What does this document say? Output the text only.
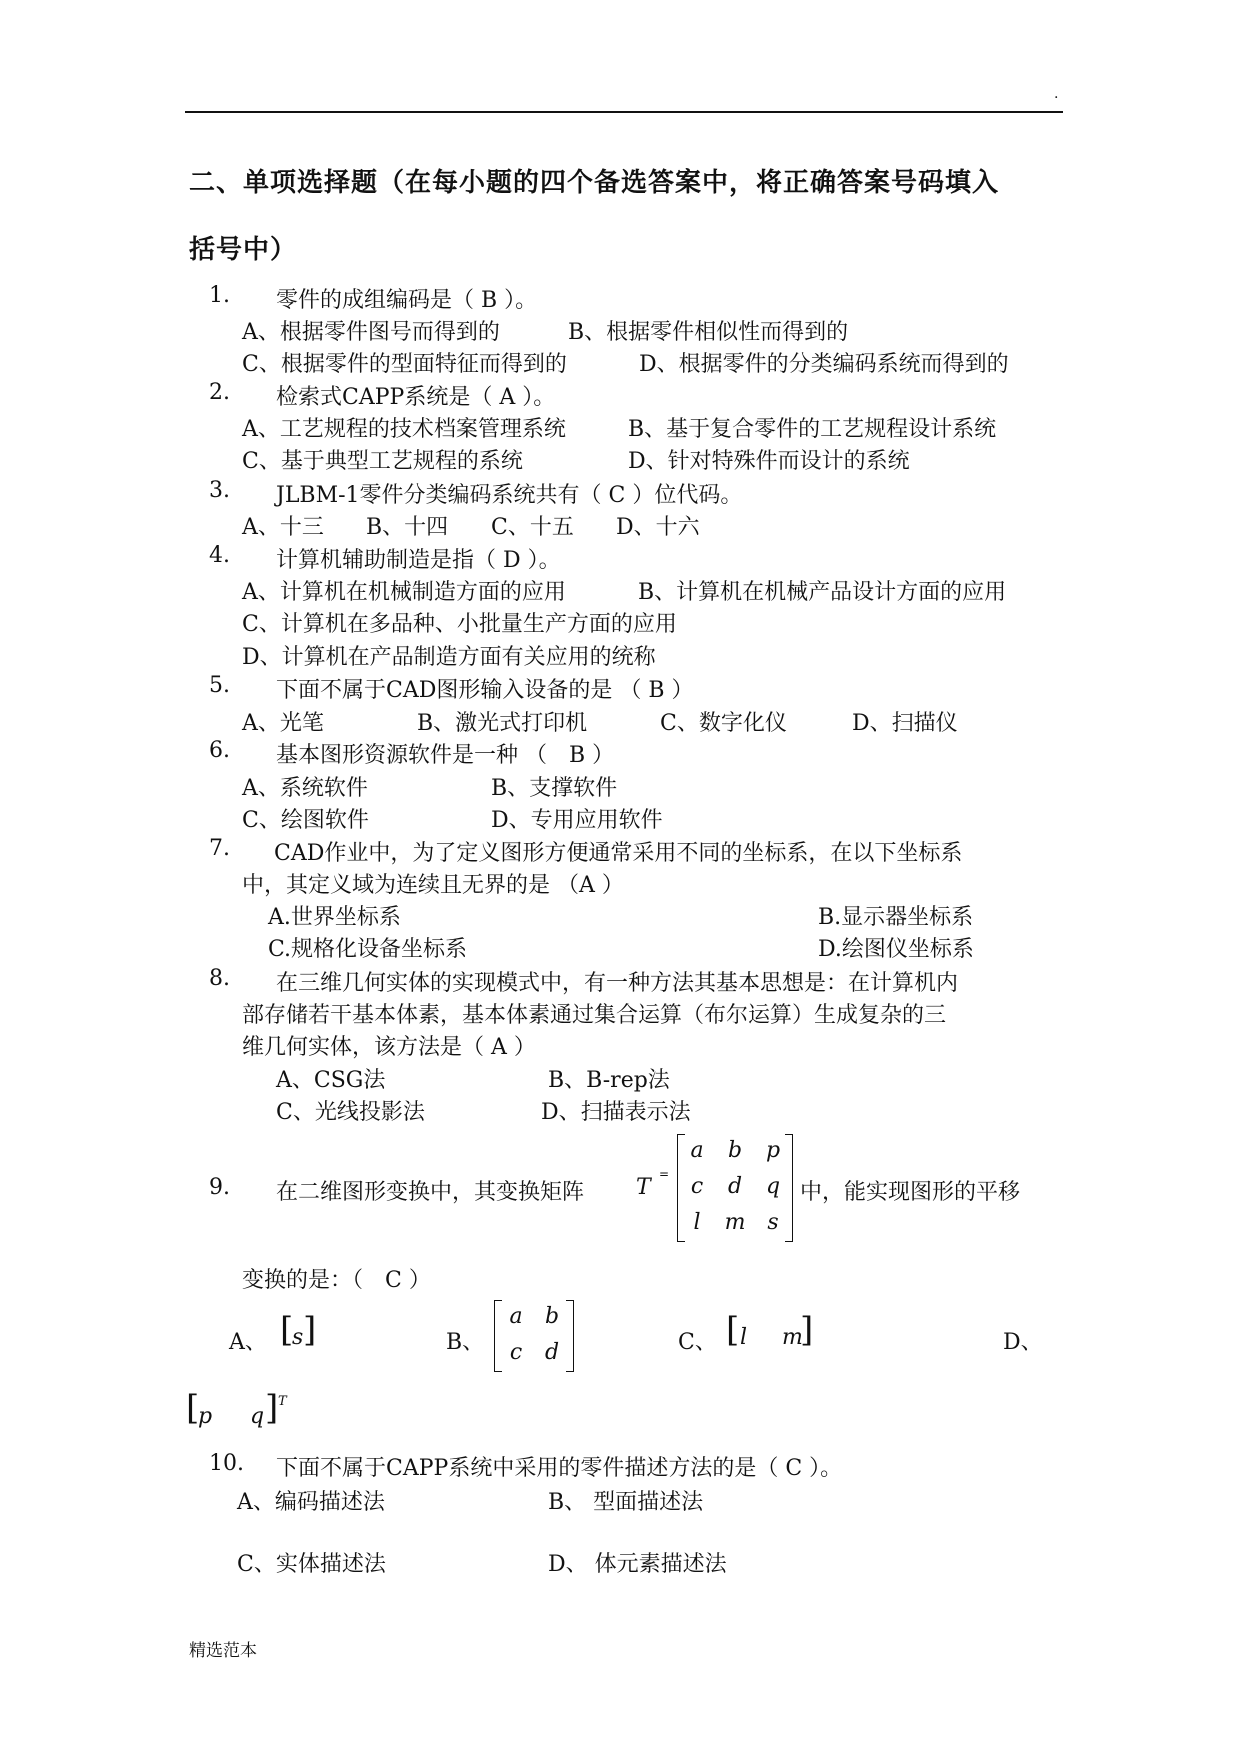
.
二、单项选择题（在每小题的四个备选答案中，将正确答案号码填入
括号中）
1. 零件的成组编码是（ B ）。
A、根据零件图号而得到的	B、根据零件相似性而得到的
C、根据零件的型面特征而得到的	D、根据零件的分类编码系统而得到的
2. 检索式CAPP系统是（ A ）。
A、工艺规程的技术档案管理系统	B、基于复合零件的工艺规程设计系统
C、基于典型工艺规程的系统	D、针对特殊件而设计的系统
3. JLBM-1零件分类编码系统共有（ C ）位代码。
A、十三 B、十四 C、十五 D、十六
4. 计算机辅助制造是指（ D ）。
A、计算机在机械制造方面的应用	B、计算机在机械产品设计方面的应用
C、计算机在多品种、小批量生产方面的应用
D、计算机在产品制造方面有关应用的统称
5. 下面不属于CAD图形输入设备的是 （ B ）
A、光笔	B、激光式打印机	C、数字化仪	D、扫描仪
6. 基本图形资源软件是一种 （　B ）
A、系统软件	B、支撑软件
C、绘图软件	D、专用应用软件
7. CAD作业中，为了定义图形方便通常采用不同的坐标系，在以下坐标系
中，其定义域为连续且无界的是 （A ）
A.世界坐标系	B.显示器坐标系
C.规格化设备坐标系	D.绘图仪坐标系
8. 在三维几何实体的实现模式中，有一种方法其基本思想是：在计算机内
部存储若干基本体素，基本体素通过集合运算（布尔运算）生成复杂的三
维几何实体，该方法是（ A ）
A、CSG法	B、B-rep法
C、光线投影法	D、扫描表示法
9. 在二维图形变换中，其变换矩阵 T
=
a	b	p
c	d	q
l	m s
中，能实现图形的平移
变换的是：（　C ）
A、 [
s ]	B、
a	b
c	d	C、 [ l m
]	D、
[
p q ] T
10. 下面不属于CAPP系统中采用的零件描述方法的是（ C ）。
A、编码描述法	B、 型面描述法
C、实体描述法	D、 体元素描述法
精选范本
